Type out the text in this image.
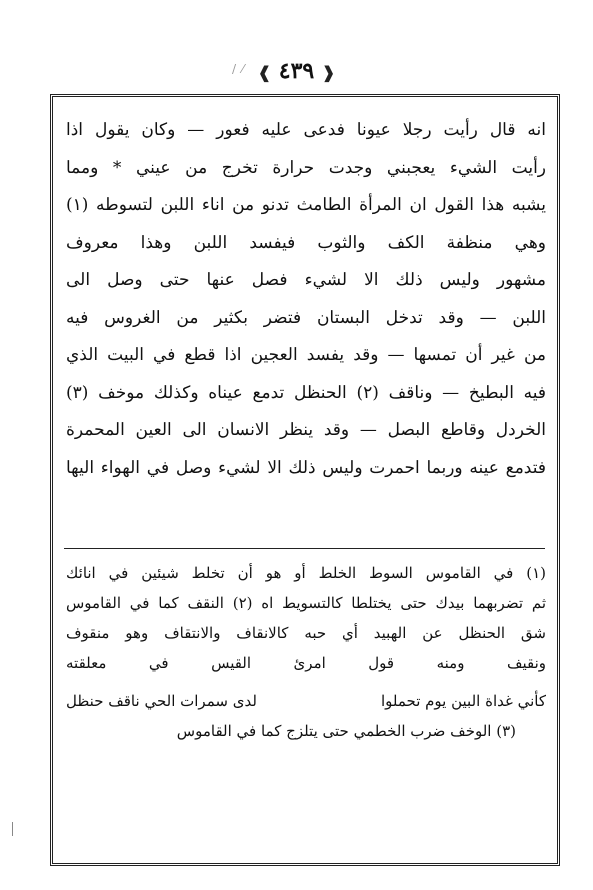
/ ⁄ ❰ ٤٣٩ ❱
انه قال رأيت رجلا عيونا فدعى عليه فعور — وكان يقول اذا
رأيت الشيء يعجبني وجدت حرارة تخرج من عيني * ومما
يشبه هذا القول ان المرأة الطامث تدنو من اناء اللبن لتسوطه (١)
وهي منظفة الكف والثوب فيفسد اللبن وهذا معروف
مشهور وليس ذلك الا لشيء فصل عنها حتى وصل الى
اللبن — وقد تدخل البستان فتضر بكثير من الغروس فيه
من غير أن تمسها — وقد يفسد العجين اذا قطع في البيت الذي
فيه البطيخ — وناقف (٢) الحنظل تدمع عيناه وكذلك موخف (٣)
الخردل وقاطع البصل — وقد ينظر الانسان الى العين المحمرة
فتدمع عينه وربما احمرت وليس ذلك الا لشيء وصل في الهواء اليها
(١) في القاموس السوط الخلط أو هو أن تخلط شيئين في انائك
ثم تضربهما بيدك حتى يختلطا كالتسويط اه (٢) النقف كما في القاموس
شق الحنظل عن الهبيد أي حبه كالانقاف والانتقاف وهو منقوف
ونقيف ومنه قول امرئ القيس في معلقته
كأني غداة البين يوم تحملوا
لدى سمرات الحي ناقف حنظل
(٣) الوخف ضرب الخطمي حتى يتلزج كما في القاموس
